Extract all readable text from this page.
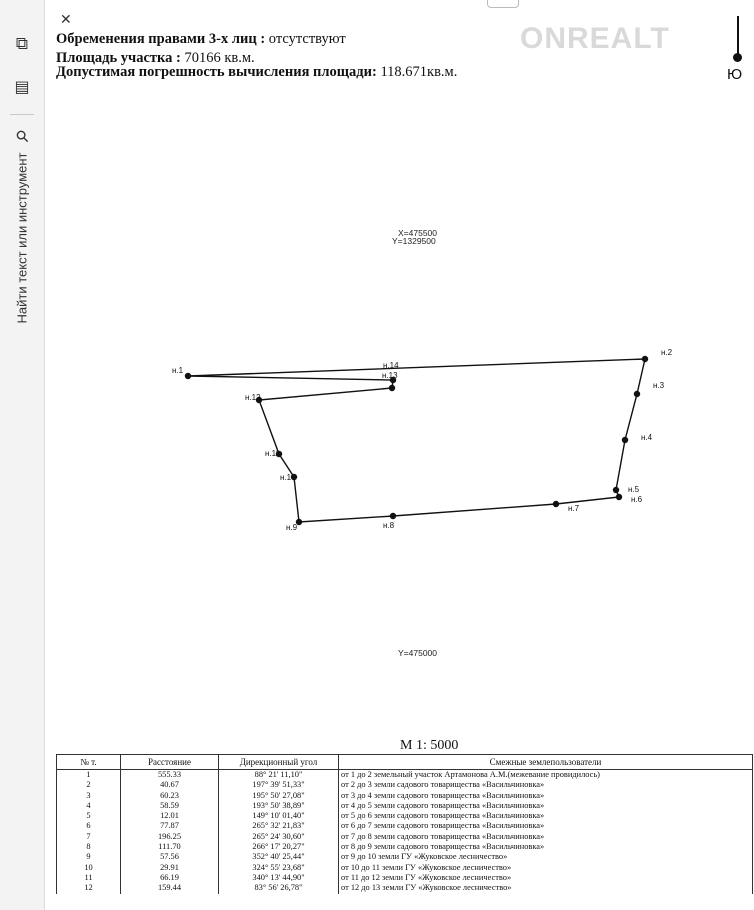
⧉
▤
⚲
Найти текст или инструмент
✕
ONREALT
Ю
Обременения правами 3-х лиц : отсутствуют
Площадь участка : 70166 кв.м.
Допустимая погрешность вычисления площади: 118.671кв.м.
X=475500
Y=1329500
Y=475000
н.1
н.2
н.3
н.4
н.5
н.6
н.7
н.8
н.9
н.10
н.11
н.12
н.13
н.14
М 1: 5000
№ т.	Расстояние	Дирекционный угол	Смежные землепользователи
1	555.33	88° 21' 11,10"	от 1 до 2 земельный участок Артамонова А.М.(межевание провидилось)
2	40.67	197° 39' 51,33"	от 2 до 3 земли садового товарищества «Васильчиновка»
3	60.23	195° 50' 27,08"	от 3 до 4 земли садового товарищества «Васильчиновка»
4	58.59	193° 50' 38,89"	от 4 до 5 земли садового товарищества «Васильчиновка»
5	12.01	149° 10' 01,40"	от 5 до 6 земли садового товарищества «Васильчиновка»
6	77.87	265° 32' 21,83"	от 6 до 7 земли садового товарищества «Васильчиновка»
7	196.25	265° 24' 30,60"	от 7 до 8 земли садового товарищества «Васильчиновка»
8	111.70	266° 17' 20,27"	от 8 до 9 земли садового товарищества «Васильчиновка»
9	57.56	352° 40' 25,44"	от 9 до 10 земли ГУ «Жуковское лесничество»
10	29.91	324° 55' 23,68"	от 10 до 11 земли ГУ «Жуковское лесничество»
11	66.19	340° 13' 44,90"	от 11 до 12 земли ГУ «Жуковское лесничество»
12	159.44	83° 56' 26,78"	от 12 до 13 земли ГУ «Жуковское лесничество»
